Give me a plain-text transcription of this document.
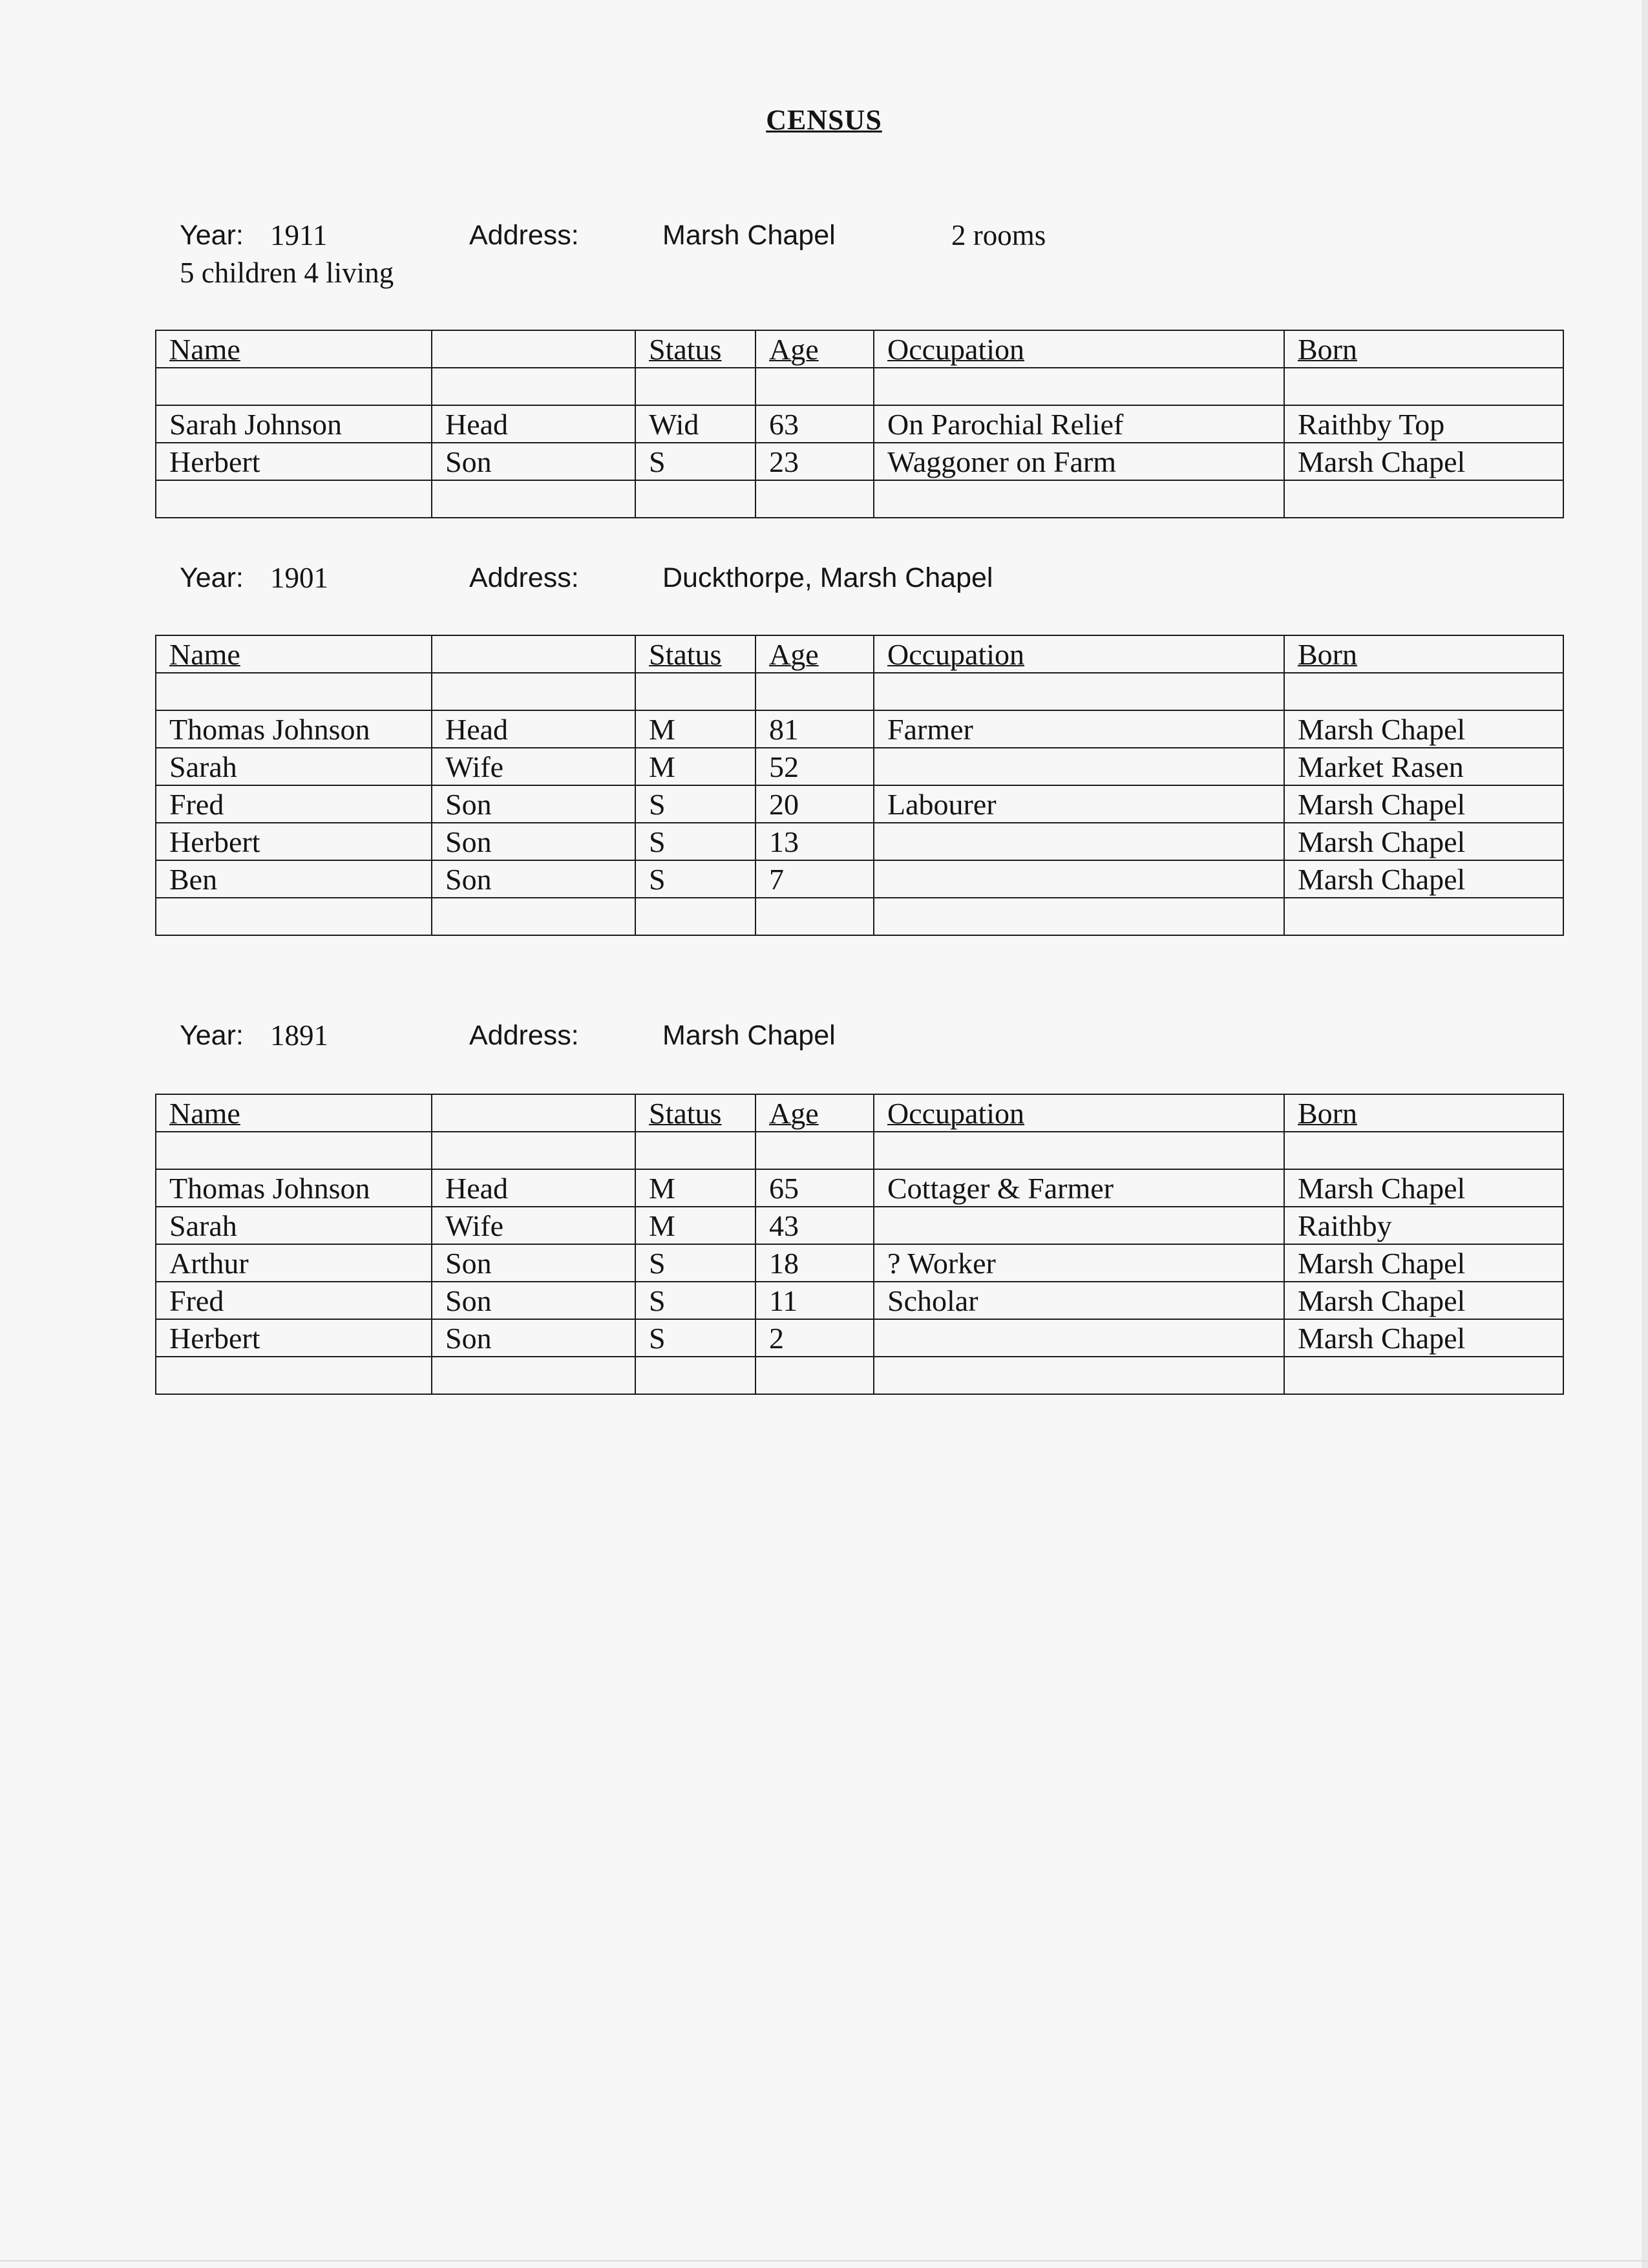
CENSUS
Year: 1911	Address:	Marsh Chapel	2 rooms
5 children 4 living
Name		Status	Age	Occupation	Born

Sarah Johnson	Head	Wid	63	On Parochial Relief	Raithby Top
Herbert	Son	S	23	Waggoner on Farm	Marsh Chapel

Year: 1901	Address:	Duckthorpe, Marsh Chapel
Name		Status	Age	Occupation	Born

Thomas Johnson	Head	M	81	Farmer	Marsh Chapel
Sarah	Wife	M	52		Market Rasen
Fred	Son	S	20	Labourer	Marsh Chapel
Herbert	Son	S	13		Marsh Chapel
Ben	Son	S	7		Marsh Chapel

Year: 1891	Address:	Marsh Chapel
Name		Status	Age	Occupation	Born

Thomas Johnson	Head	M	65	Cottager & Farmer	Marsh Chapel
Sarah	Wife	M	43		Raithby
Arthur	Son	S	18	? Worker	Marsh Chapel
Fred	Son	S	11	Scholar	Marsh Chapel
Herbert	Son	S	2		Marsh Chapel
